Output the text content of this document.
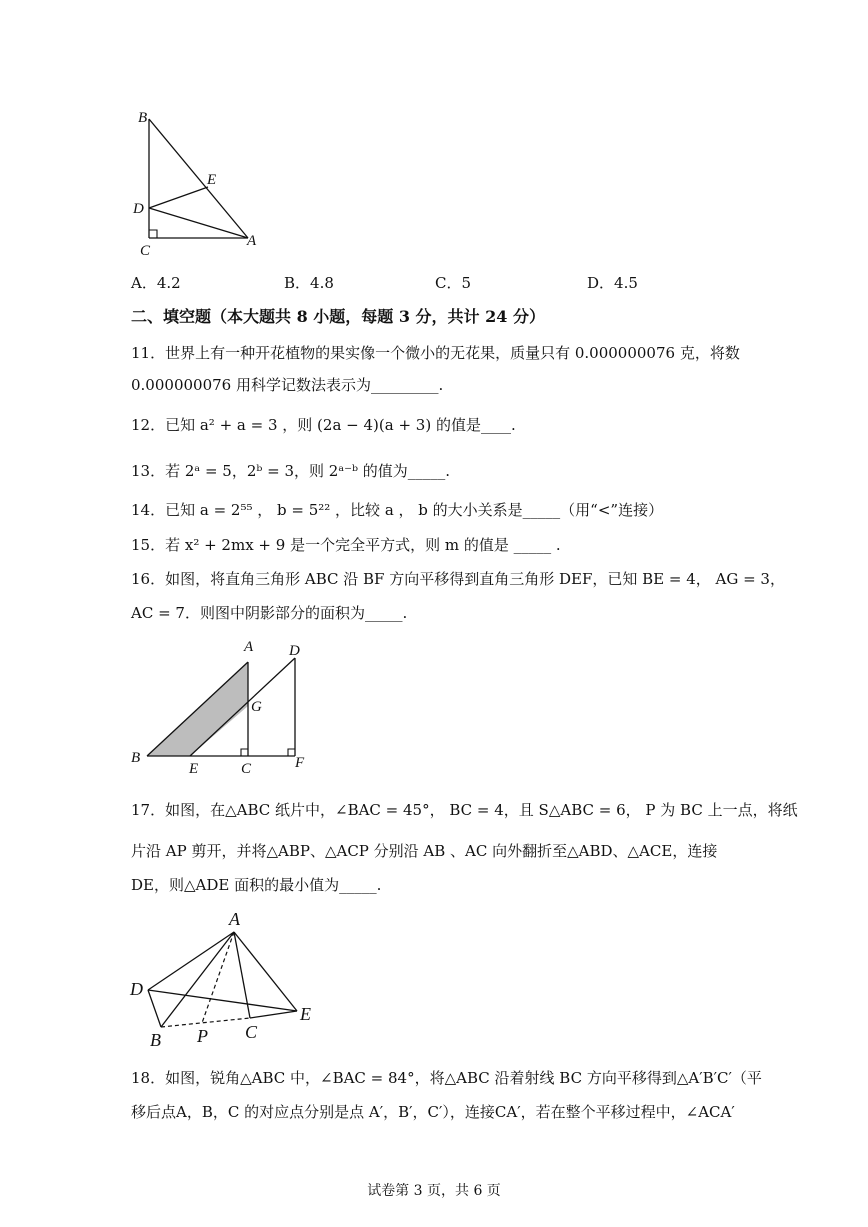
B
E
D
C
A
A．4.2	B．4.8	C．5	D．4.5
二、填空题（本大题共 8 小题，每题 3 分，共计 24 分）
11．世界上有一种开花植物的果实像一个微小的无花果，质量只有 0.000000076 克，将数
0.000000076 用科学记数法表示为_________.
12．已知 a² + a = 3 ，则 (2a − 4)(a + 3) 的值是____.
13．若 2ᵃ = 5，2ᵇ = 3，则 2ᵃ⁻ᵇ 的值为_____.
14．已知 a = 2⁵⁵ ， b = 5²² ，比较 a ， b 的大小关系是_____（用“<”连接）
15．若 x² + 2mx + 9 是一个完全平方式，则 m 的值是 _____ .
16．如图，将直角三角形 ABC 沿 BF 方向平移得到直角三角形 DEF，已知 BE = 4， AG = 3，
AC = 7．则图中阴影部分的面积为_____.
A D
G
B
E	C	F
17．如图，在△ABC 纸片中，∠BAC = 45°， BC = 4，且 S△ABC = 6， P 为 BC 上一点，将纸
片沿 AP 剪开，并将△ABP、△ACP 分别沿 AB 、AC 向外翻折至△ABD、△ACE，连接
DE，则△ADE 面积的最小值为_____.
A
D
E
B P C
18．如图，锐角△ABC 中，∠BAC = 84°，将△ABC 沿着射线 BC 方向平移得到△A′B′C′（平
移后点A，B，C 的对应点分别是点 A′，B′，C′），连接CA′，若在整个平移过程中，∠ACA′
试卷第 3 页，共 6 页
